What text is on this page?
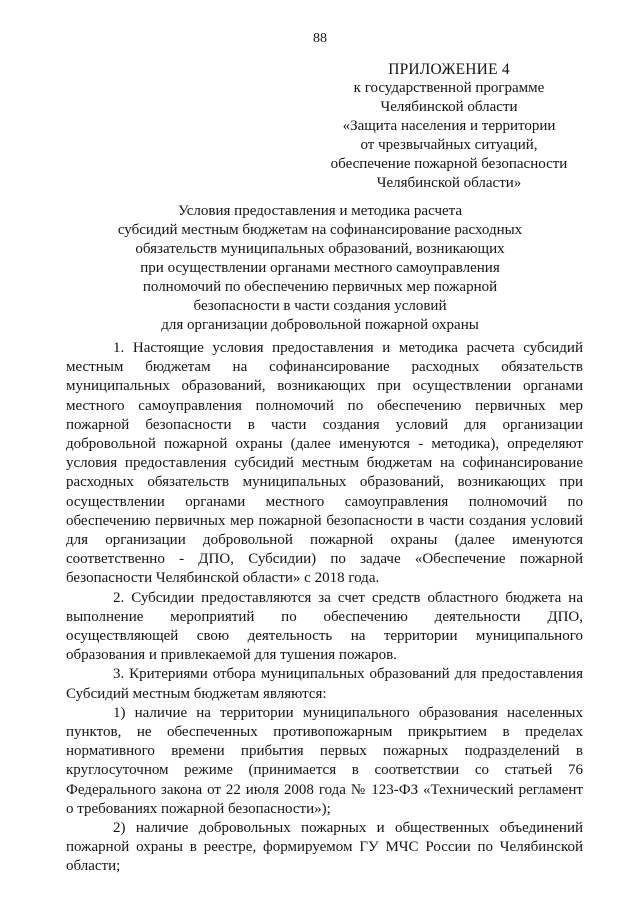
88
ПРИЛОЖЕНИЕ 4
к государственной программе
Челябинской области
«Защита населения и территории
от чрезвычайных ситуаций,
обеспечение пожарной безопасности
Челябинской области»
Условия предоставления и методика расчета
субсидий местным бюджетам на софинансирование расходных
обязательств муниципальных образований, возникающих
при осуществлении органами местного самоуправления
полномочий по обеспечению первичных мер пожарной
безопасности в части создания условий
для организации добровольной пожарной охраны
1. Настоящие условия предоставления и методика расчета субсидий
местным бюджетам на софинансирование расходных обязательств
муниципальных образований, возникающих при осуществлении органами
местного самоуправления полномочий по обеспечению первичных мер
пожарной безопасности в части создания условий для организации
добровольной пожарной охраны (далее именуются - методика), определяют
условия предоставления субсидий местным бюджетам на софинансирование
расходных обязательств муниципальных образований, возникающих при
осуществлении органами местного самоуправления полномочий по
обеспечению первичных мер пожарной безопасности в части создания условий
для организации добровольной пожарной охраны (далее именуются
соответственно - ДПО, Субсидии) по задаче «Обеспечение пожарной
безопасности Челябинской области» с 2018 года.
2. Субсидии предоставляются за счет средств областного бюджета на
выполнение мероприятий по обеспечению деятельности ДПО,
осуществляющей свою деятельность на территории муниципального
образования и привлекаемой для тушения пожаров.
3. Критериями отбора муниципальных образований для предоставления
Субсидий местным бюджетам являются:
1) наличие на территории муниципального образования населенных
пунктов, не обеспеченных противопожарным прикрытием в пределах
нормативного времени прибытия первых пожарных подразделений в
круглосуточном режиме (принимается в соответствии со статьей 76
Федерального закона от 22 июля 2008 года № 123-ФЗ «Технический регламент
о требованиях пожарной безопасности»);
2) наличие добровольных пожарных и общественных объединений
пожарной охраны в реестре, формируемом ГУ МЧС России по Челябинской
области;
